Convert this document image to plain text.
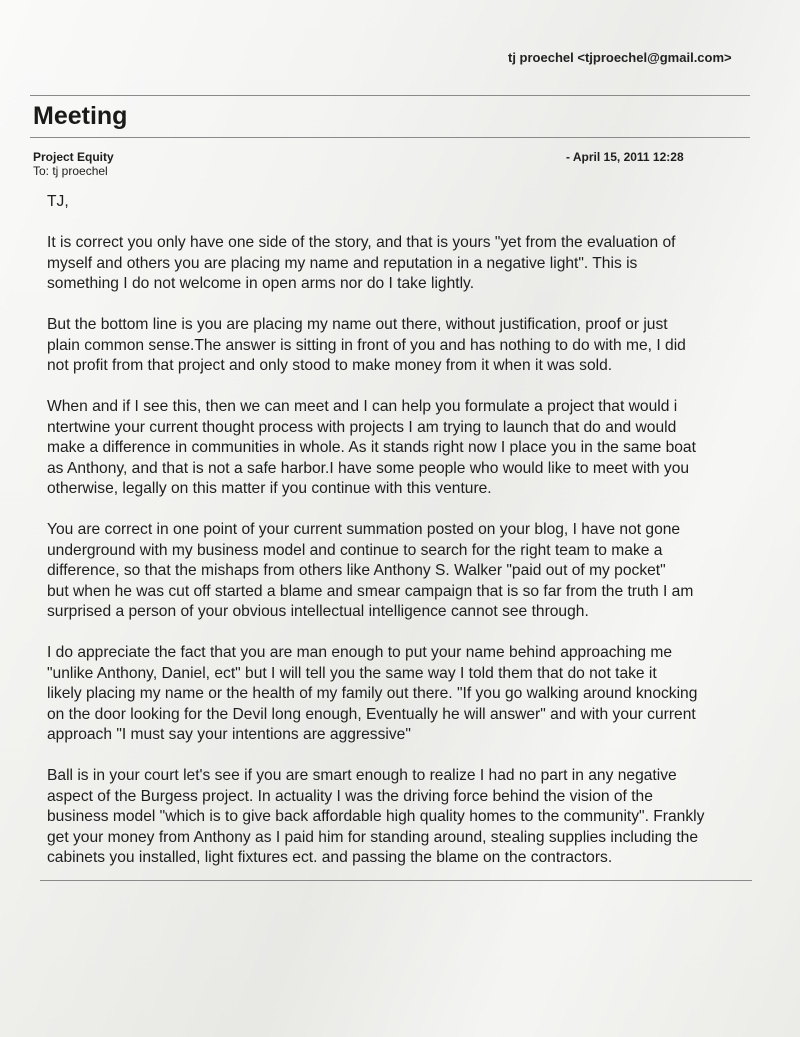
tj proechel <tjproechel@gmail.com>
Meeting
Project Equity
To: tj proechel
- April 15, 2011 12:28

TJ,

It is correct you only have one side of the story, and that is yours "yet from the evaluation of
myself and others you are placing my name and reputation in a negative light". This is
something I do not welcome in open arms nor do I take lightly.

But the bottom line is you are placing my name out there, without justification, proof or just
plain common sense.The answer is sitting in front of you and has nothing to do with me, I did
not profit from that project and only stood to make money from it when it was sold.

When and if I see this, then we can meet and I can help you formulate a project that would i
ntertwine your current thought process with projects I am trying to launch that do and would
make a difference in communities in whole. As it stands right now I place you in the same boat
as Anthony, and that is not a safe harbor.I have some people who would like to meet with you
otherwise, legally on this matter if you continue with this venture.

You are correct in one point of your current summation posted on your blog, I have not gone
underground with my business model and continue to search for the right team to make a
difference, so that the mishaps from others like Anthony S. Walker "paid out of my pocket"
but when he was cut off started a blame and smear campaign that is so far from the truth I am
surprised a person of your obvious intellectual intelligence cannot see through.

I do appreciate the fact that you are man enough to put your name behind approaching me
"unlike Anthony, Daniel, ect" but I will tell you the same way I told them that do not take it
likely placing my name or the health of my family out there. "If you go walking around knocking
on the door looking for the Devil long enough, Eventually he will answer" and with your current
approach "I must say your intentions are aggressive"

Ball is in your court let's see if you are smart enough to realize I had no part in any negative
aspect of the Burgess project. In actuality I was the driving force behind the vision of the
business model "which is to give back affordable high quality homes to the community". Frankly
get your money from Anthony as I paid him for standing around, stealing supplies including the
cabinets you installed, light fixtures ect. and passing the blame on the contractors.
